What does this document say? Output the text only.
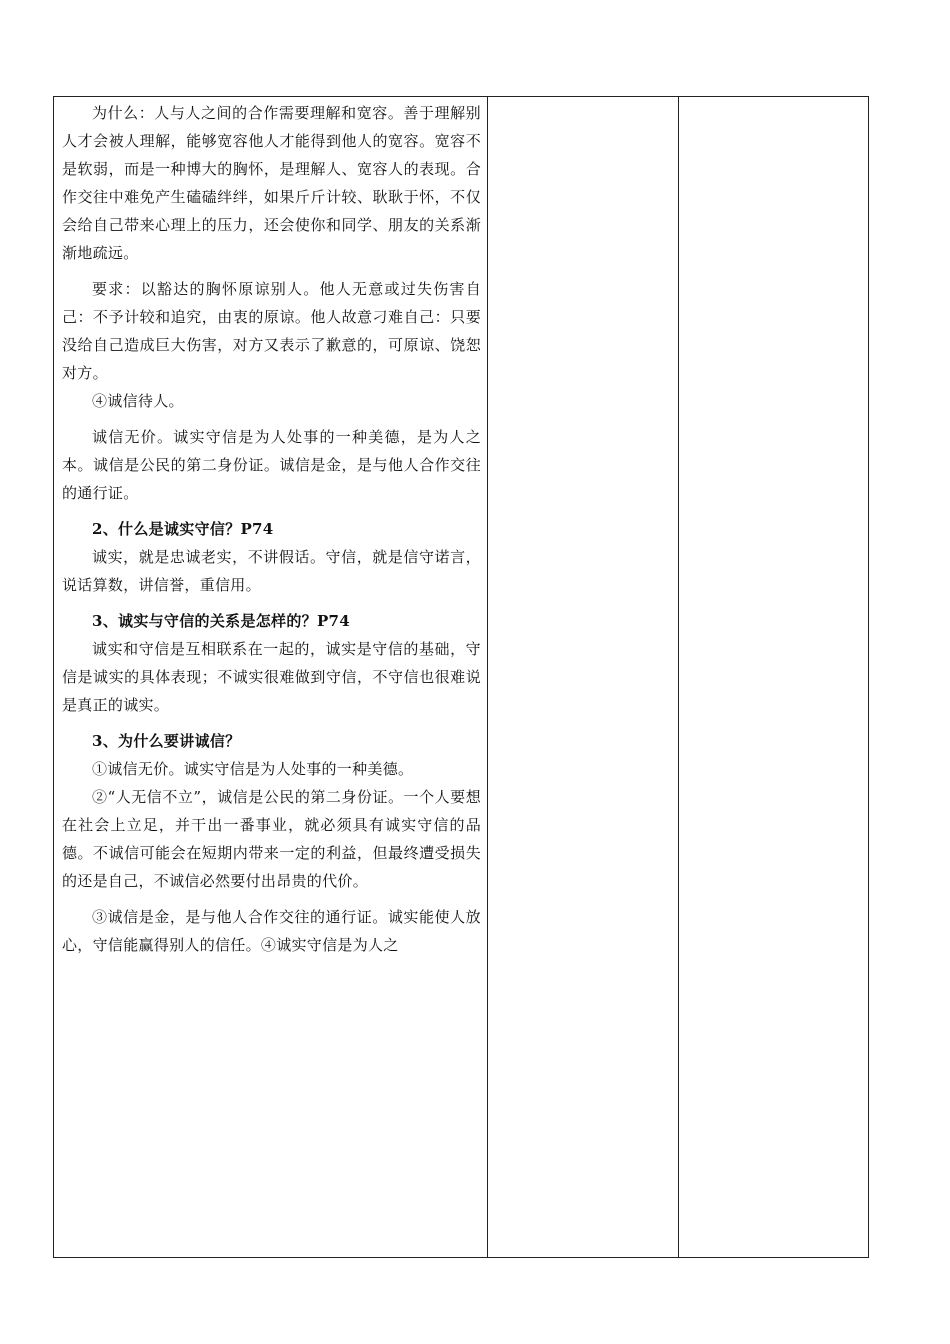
为什么：人与人之间的合作需要理解和宽容。善于理解别人才会被人理解，能够宽容他人才能得到他人的宽容。宽容不是软弱，而是一种博大的胸怀，是理解人、宽容人的表现。合作交往中难免产生磕磕绊绊，如果斤斤计较、耿耿于怀，不仅会给自己带来心理上的压力，还会使你和同学、朋友的关系渐渐地疏远。

要求：以豁达的胸怀原谅别人。他人无意或过失伤害自己：不予计较和追究，由衷的原谅。他人故意刁难自己：只要没给自己造成巨大伤害，对方又表示了歉意的，可原谅、饶恕对方。

④诚信待人。

诚信无价。诚实守信是为人处事的一种美德，是为人之本。诚信是公民的第二身份证。诚信是金，是与他人合作交往的通行证。

2、什么是诚实守信？P74

诚实，就是忠诚老实，不讲假话。守信，就是信守诺言，说话算数，讲信誉，重信用。

3、诚实与守信的关系是怎样的？P74

诚实和守信是互相联系在一起的，诚实是守信的基础，守信是诚实的具体表现；不诚实很难做到守信，不守信也很难说是真正的诚实。

3、为什么要讲诚信？

①诚信无价。诚实守信是为人处事的一种美德。

②“人无信不立”，诚信是公民的第二身份证。一个人要想在社会上立足，并干出一番事业，就必须具有诚实守信的品德。不诚信可能会在短期内带来一定的利益，但最终遭受损失的还是自己，不诚信必然要付出昂贵的代价。

③诚信是金，是与他人合作交往的通行证。诚实能使人放心，守信能赢得别人的信任。④诚实守信是为人之
